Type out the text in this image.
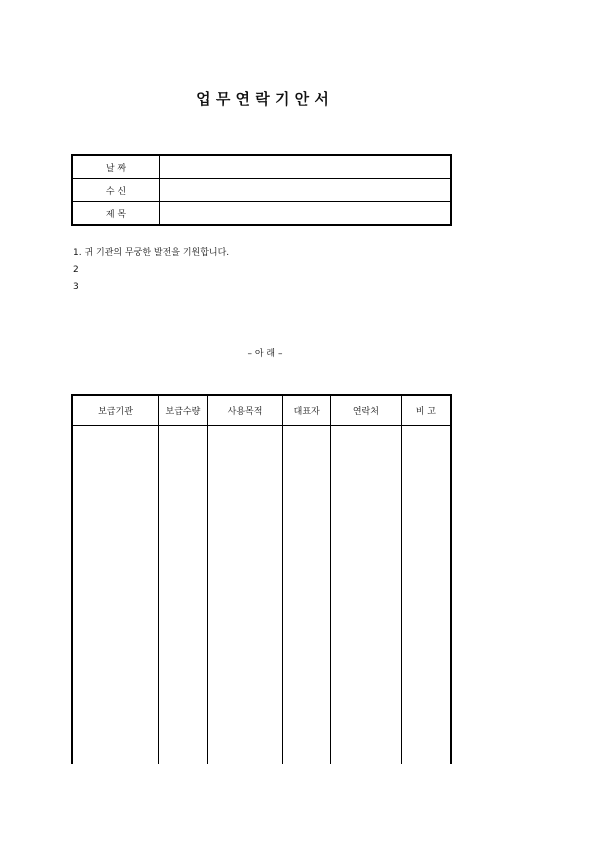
업 무 연 락 기 안 서
날 짜	
수 신	
제 목	
1. 귀 기관의 무궁한 발전을 기원합니다.
2
3
– 아 래 –
보급기관	보급수량	사용목적	대표자	연락처	비 고
